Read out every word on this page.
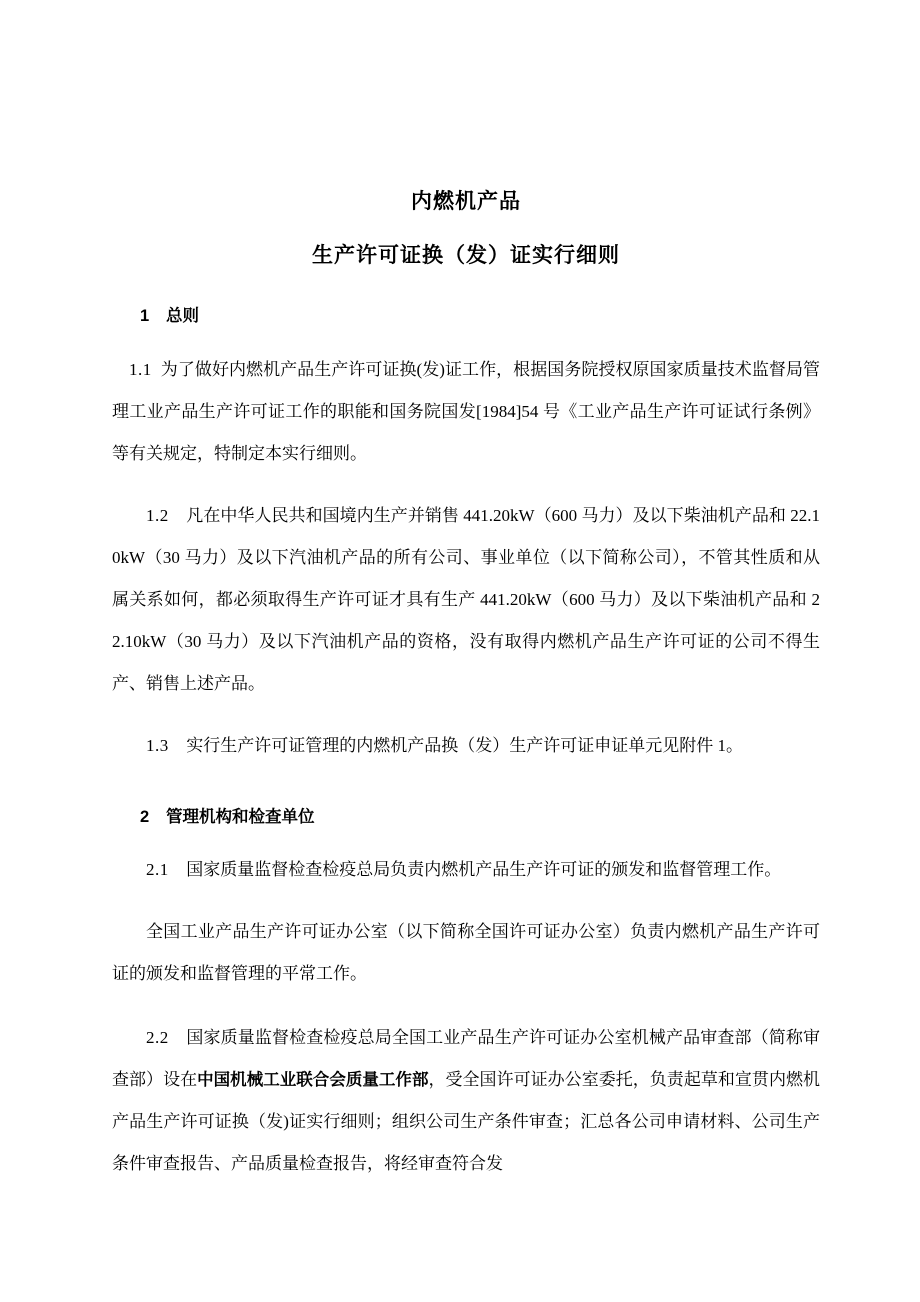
内燃机产品
生产许可证换（发）证实行细则
1 总则

1.1 为了做好内燃机产品生产许可证换(发)证工作，根据国务院授权原国家质量技术监督局管理工业产品生产许可证工作的职能和国务院国发[1984]54 号《工业产品生产许可证试行条例》等有关规定，特制定本实行细则。

1.2 凡在中华人民共和国境内生产并销售 441.20kW（600 马力）及以下柴油机产品和 22.10kW（30 马力）及以下汽油机产品的所有公司、事业单位（以下简称公司），不管其性质和从属关系如何，都必须取得生产许可证才具有生产 441.20kW（600 马力）及以下柴油机产品和 22.10kW（30 马力）及以下汽油机产品的资格，没有取得内燃机产品生产许可证的公司不得生产、销售上述产品。

1.3 实行生产许可证管理的内燃机产品换（发）生产许可证申证单元见附件 1。

2 管理机构和检查单位

2.1 国家质量监督检查检疫总局负责内燃机产品生产许可证的颁发和监督管理工作。

全国工业产品生产许可证办公室（以下简称全国许可证办公室）负责内燃机产品生产许可证的颁发和监督管理的平常工作。

2.2 国家质量监督检查检疫总局全国工业产品生产许可证办公室机械产品审查部（简称审查部）设在中国机械工业联合会质量工作部，受全国许可证办公室委托，负责起草和宣贯内燃机产品生产许可证换（发)证实行细则；组织公司生产条件审查；汇总各公司申请材料、公司生产条件审查报告、产品质量检查报告，将经审查符合发
